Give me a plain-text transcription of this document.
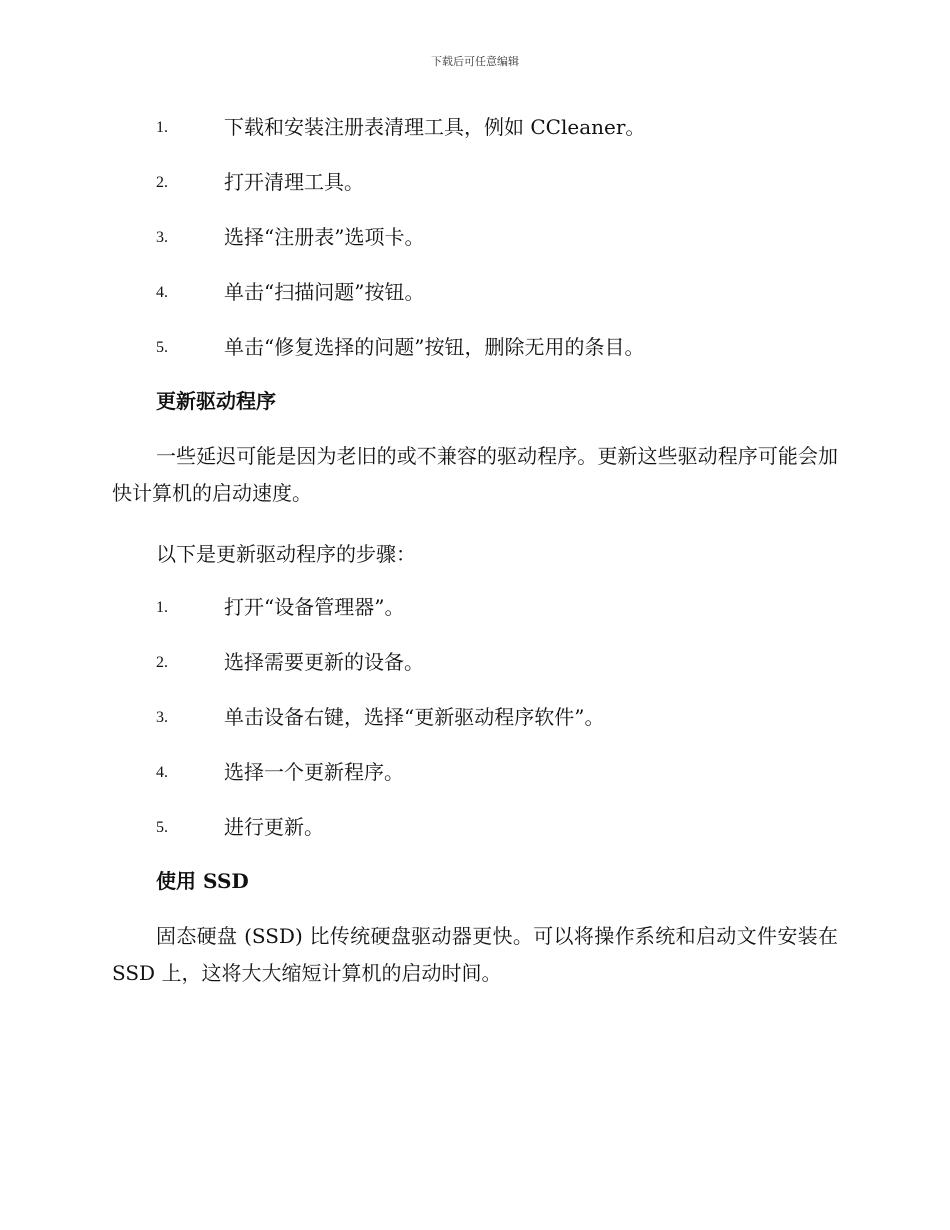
下载后可任意编辑
1.	下载和安装注册表清理工具，例如 CCleaner。
2.	打开清理工具。
3.	选择“注册表”选项卡。
4.	单击“扫描问题”按钮。
5.	单击“修复选择的问题”按钮，删除无用的条目。
更新驱动程序
一些延迟可能是因为老旧的或不兼容的驱动程序。更新这些驱动程序可能会加快计算机的启动速度。
以下是更新驱动程序的步骤：
1.	打开“设备管理器”。
2.	选择需要更新的设备。
3.	单击设备右键，选择“更新驱动程序软件”。
4.	选择一个更新程序。
5.	进行更新。
使用 SSD
固态硬盘 (SSD) 比传统硬盘驱动器更快。可以将操作系统和启动文件安装在 SSD 上，这将大大缩短计算机的启动时间。
